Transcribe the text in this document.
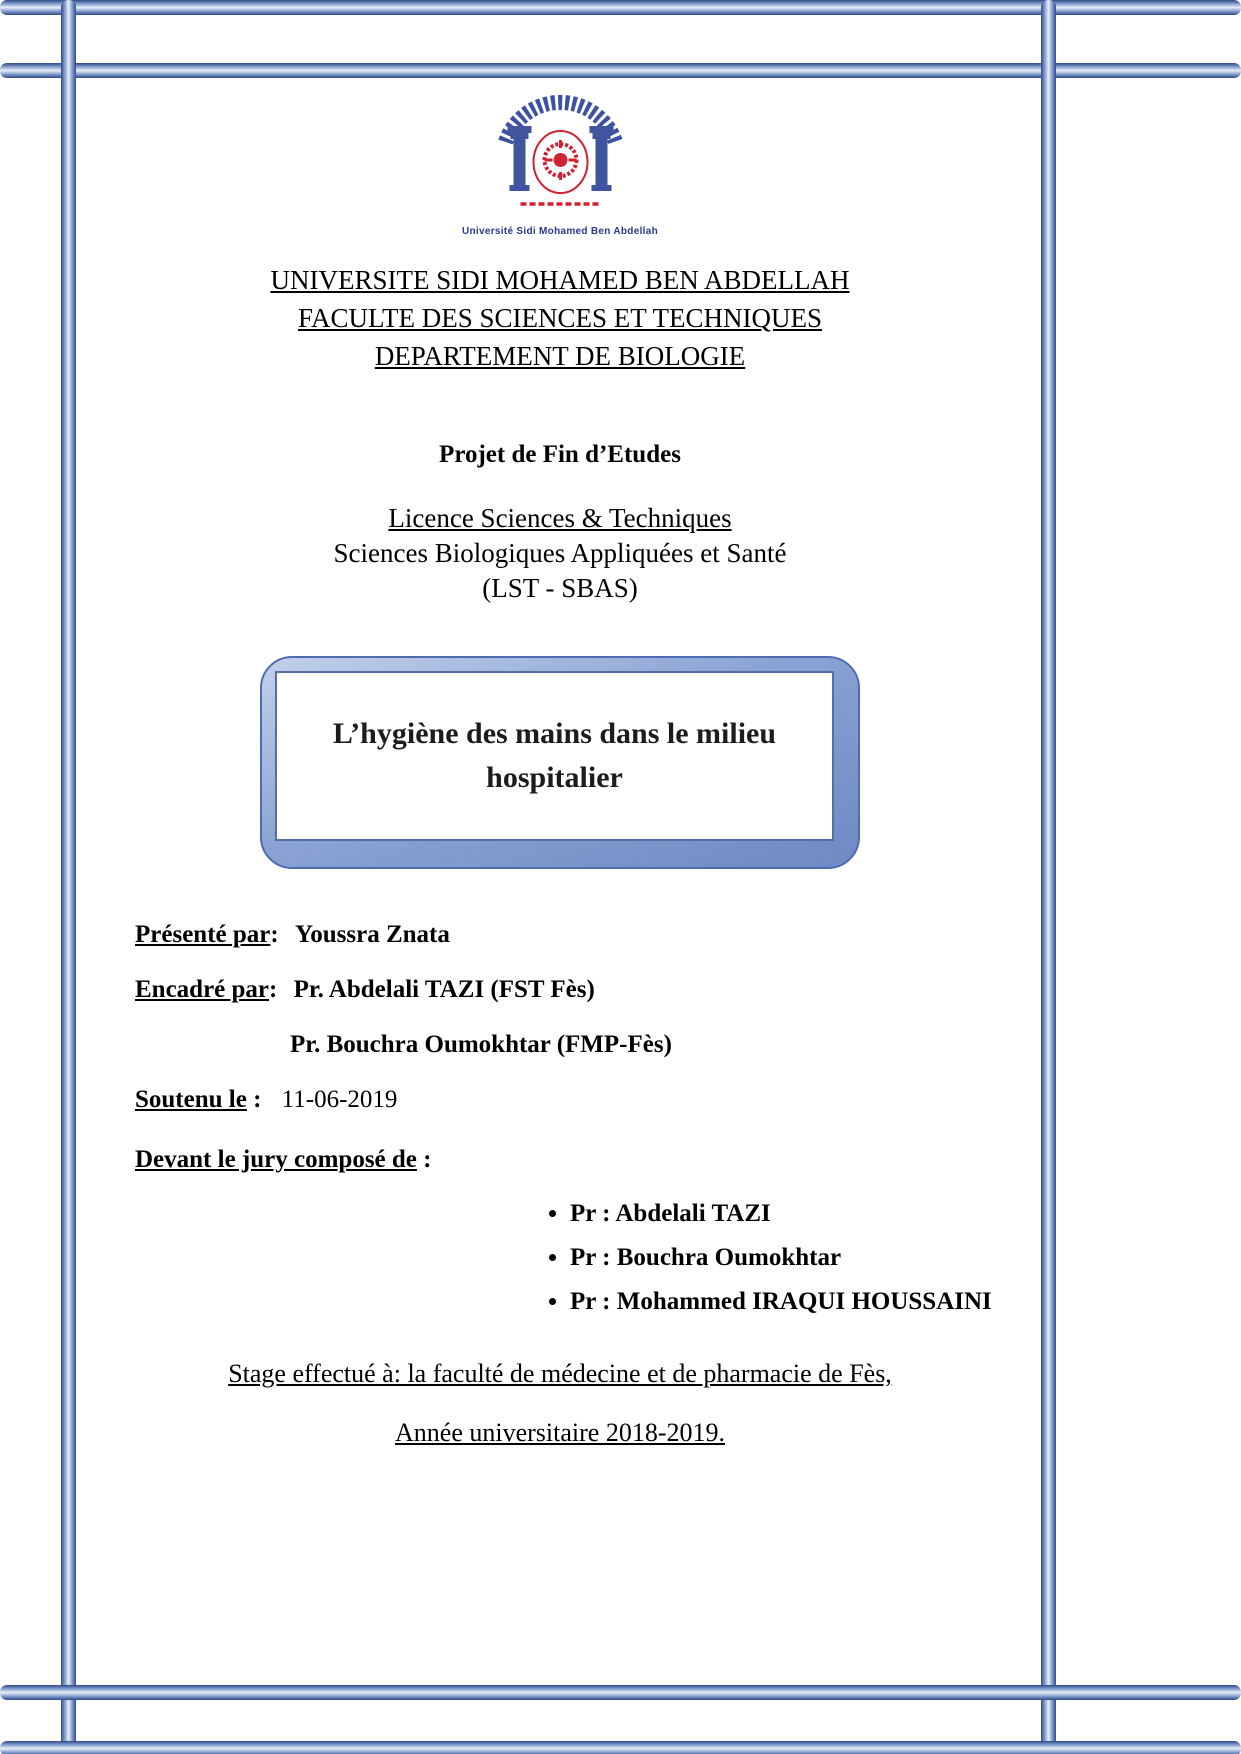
Université Sidi Mohamed Ben Abdellah
UNIVERSITE SIDI MOHAMED BEN ABDELLAH
FACULTE DES SCIENCES ET TECHNIQUES
DEPARTEMENT DE BIOLOGIE
Projet de Fin d’Etudes
Licence Sciences & Techniques
Sciences Biologiques Appliquées et Santé
(LST - SBAS)
L’hygiène des mains dans le milieu hospitalier
Présenté par: Youssra Znata
Encadré par: Pr. Abdelali TAZI (FST Fès)
Pr. Bouchra Oumokhtar (FMP-Fès)
Soutenu le : 11-06-2019
Devant le jury composé de :
• Pr : Abdelali TAZI
• Pr : Bouchra Oumokhtar
• Pr : Mohammed IRAQUI HOUSSAINI
Stage effectué à: la faculté de médecine et de pharmacie de Fès,
Année universitaire 2018-2019.
